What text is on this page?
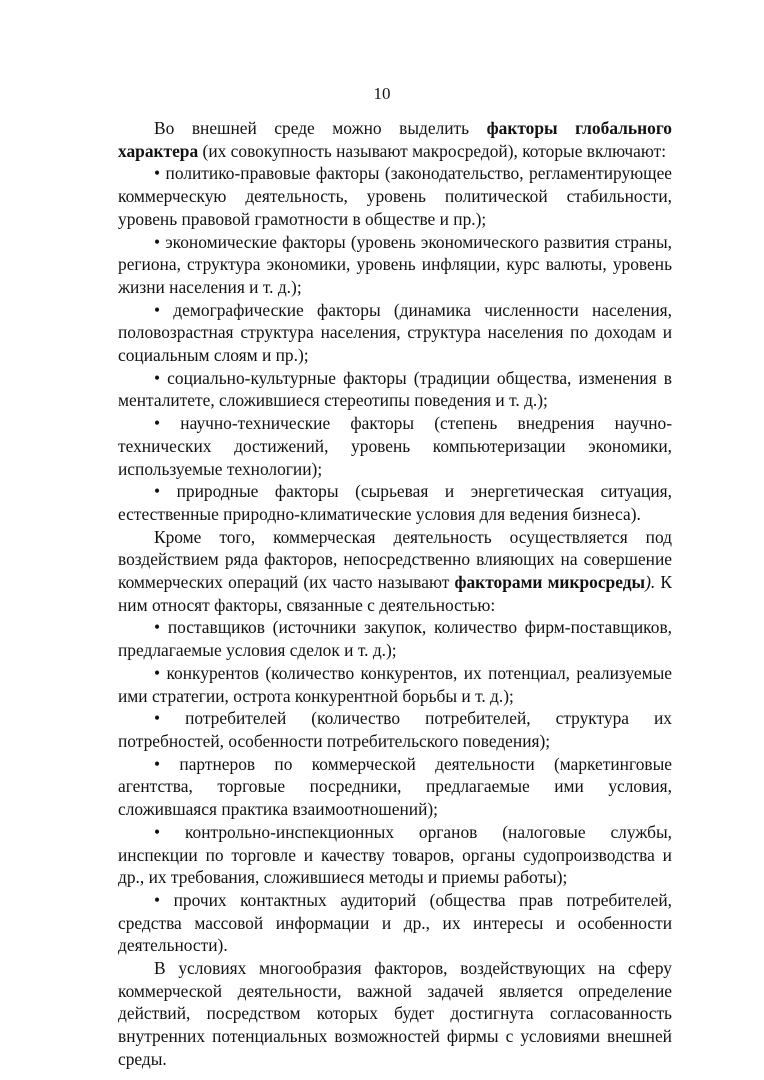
10

Во внешней среде можно выделить факторы глобального характера (их совокупность называют макросредой), которые включают:

• политико-правовые факторы (законодательство, регламентирующее коммерческую деятельность, уровень политической стабильности, уровень правовой грамотности в обществе и пр.);

• экономические факторы (уровень экономического развития страны, региона, структура экономики, уровень инфляции, курс валюты, уровень жизни населения и т. д.);

• демографические факторы (динамика численности населения, половозрастная структура населения, структура населения по доходам и социальным слоям и пр.);

• социально-культурные факторы (традиции общества, изменения в менталитете, сложившиеся стереотипы поведения и т. д.);

• научно-технические факторы (степень внедрения научно-технических достижений, уровень компьютеризации экономики, используемые технологии);

• природные факторы (сырьевая и энергетическая ситуация, естественные природно-климатические условия для ведения бизнеса).

Кроме того, коммерческая деятельность осуществляется под воздействием ряда факторов, непосредственно влияющих на совершение коммерческих операций (их часто называют факторами микросреды). К ним относят факторы, связанные с деятельностью:

• поставщиков (источники закупок, количество фирм-поставщиков, предлагаемые условия сделок и т. д.);

• конкурентов (количество конкурентов, их потенциал, реализуемые ими стратегии, острота конкурентной борьбы и т. д.);

• потребителей (количество потребителей, структура их потребностей, особенности потребительского поведения);

• партнеров по коммерческой деятельности (маркетинговые агентства, торговые посредники, предлагаемые ими условия, сложившаяся практика взаимоотношений);

• контрольно-инспекционных органов (налоговые службы, инспекции по торговле и качеству товаров, органы судопроизводства и др., их требования, сложившиеся методы и приемы работы);

• прочих контактных аудиторий (общества прав потребителей, средства массовой информации и др., их интересы и особенности деятельности).

В условиях многообразия факторов, воздействующих на сферу коммерческой деятельности, важной задачей является определение действий, посредством которых будет достигнута согласованность внутренних потенциальных возможностей фирмы с условиями внешней среды.
